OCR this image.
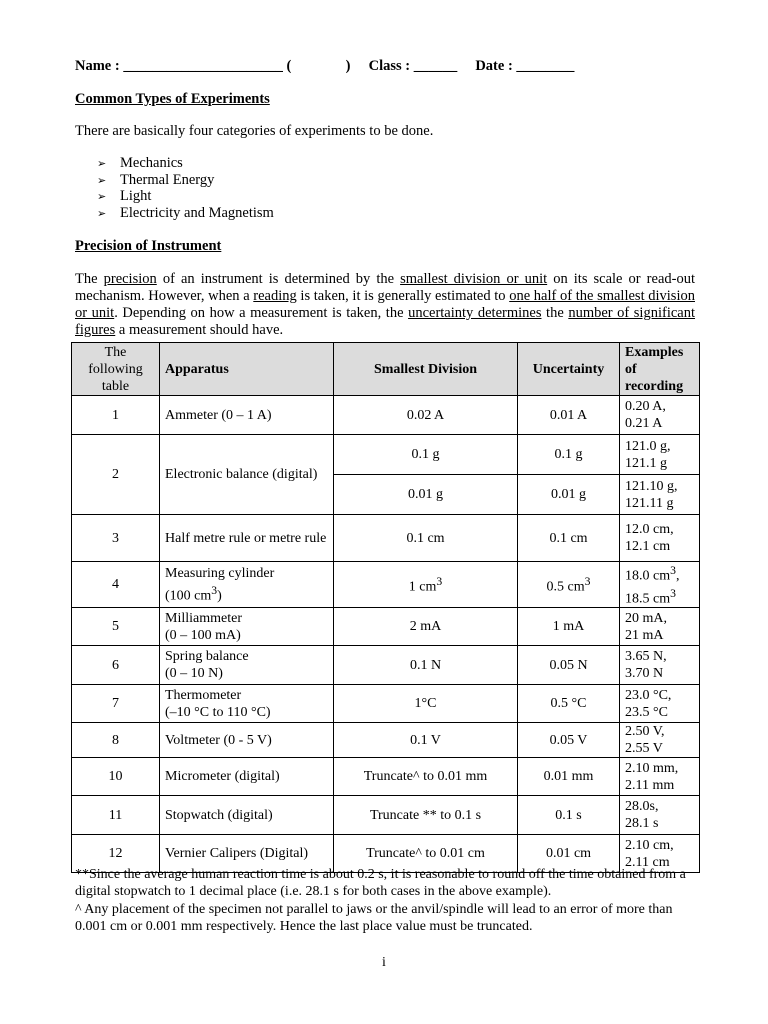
Name : ______________________ (               )     Class : ______     Date : ________
Common Types of Experiments
There are basically four categories of experiments to be done.
➢ Mechanics
➢ Thermal Energy
➢ Light
➢ Electricity and Magnetism
Precision of Instrument
The precision of an instrument is determined by the smallest division or unit on its scale or read-out mechanism. However, when a reading is taken, it is generally estimated to one half of the smallest division or unit. Depending on how a measurement is taken, the uncertainty determines the number of significant figures a measurement should have.
The following table	Apparatus	Smallest Division	Uncertainty	Examples of recording
1	Ammeter (0 – 1 A)	0.02 A	0.01 A	0.20 A,
0.21 A
2	Electronic balance (digital)	0.1 g	0.1 g	121.0 g,
121.1 g
		0.01 g	0.01 g	121.10 g,
121.11 g
3	Half metre rule or metre rule	0.1 cm	0.1 cm	12.0 cm,
12.1 cm
4	Measuring cylinder
(100 $cm^3$)	1 $cm^3$	0.5 $cm^3$	18.0 $cm^3$,
18.5 $cm^3$
5	Milliammeter
(0 – 100 mA)	2 mA	1 mA	20 mA,
21 mA
6	Spring balance
(0 – 10 N)	0.1 N	0.05 N	3.65 N,
3.70 N
7	Thermometer
(–10 °C to 110 °C)	1°C	0.5 °C	23.0 °C,
23.5 °C
8	Voltmeter (0 - 5 V)	0.1 V	0.05 V	2.50 V,
2.55 V
10	Micrometer (digital)	Truncate^ to 0.01 mm	0.01 mm	2.10 mm,
2.11 mm
11	Stopwatch (digital)	Truncate ** to 0.1 s	0.1 s	28.0s,
28.1 s
12	Vernier Calipers (Digital)	Truncate^ to 0.01 cm	0.01 cm	2.10 cm,
2.11 cm
**Since the average human reaction time is about 0.2 s, it is reasonable to round off the time obtained from a digital stopwatch to 1 decimal place (i.e. 28.1 s for both cases in the above example).
^ Any placement of the specimen not parallel to jaws or the anvil/spindle will lead to an error of more than 0.001 cm or 0.001 mm respectively. Hence the last place value must be truncated.
i
